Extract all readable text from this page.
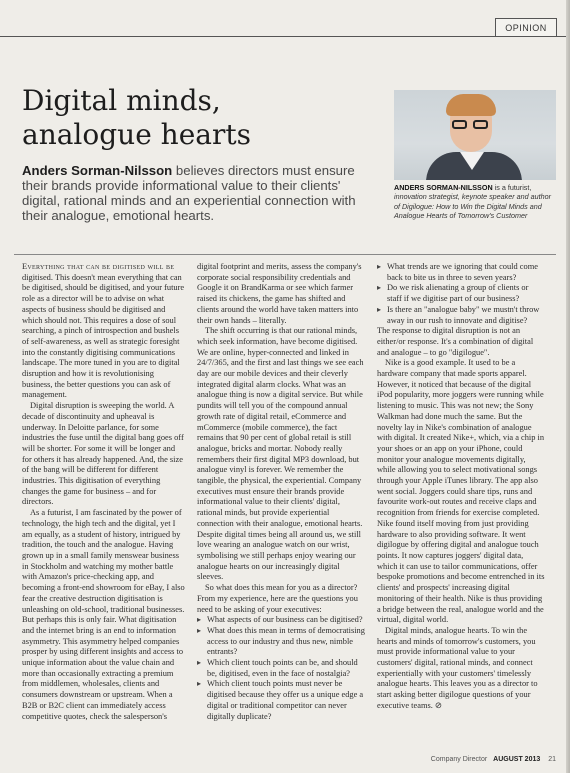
OPINION
Digital minds,
analogue hearts

Anders Sorman-Nilsson believes directors must ensure their brands provide informational value to their clients' digital, rational minds and an experiential connection with their analogue, emotional hearts.

ANDERS SORMAN-NILSSON is a futurist, innovation strategist, keynote speaker and author of Digilogue: How to Win the Digital Minds and Analogue Hearts of Tomorrow's Customer

Everything that can be digitised will be digitised. This doesn't mean everything that can be digitised, should be digitised, and your future role as a director will be to advise on what aspects of business should be digitised and which should not. This requires a dose of soul searching, a pinch of introspection and bushels of self-awareness, as well as strategic foresight into the constantly digitising communications landscape. The more tuned in you are to digital disruption and how it is revolutionising business, the better questions you can ask of management.

Digital disruption is sweeping the world. A decade of discontinuity and upheaval is underway. In Deloitte parlance, for some industries the fuse until the digital bang goes off will be shorter. For some it will be longer and for others it has already happened. And, the size of the bang will be different for different industries. This digitisation of everything changes the game for business – and for directors.

As a futurist, I am fascinated by the power of technology, the high tech and the digital, yet I am equally, as a student of history, intrigued by tradition, the touch and the analogue. Having grown up in a small family menswear business in Stockholm and watching my mother battle with Amazon's price-checking app, and becoming a front-end showroom for eBay, I also fear the creative destruction digitisation is unleashing on old-school, traditional businesses. But perhaps this is only fair. What digitisation and the internet bring is an end to information asymmetry. This asymmetry helped companies prosper by using different insights and access to unique information about the value chain and more than occasionally extracting a premium from middlemen, wholesales, clients and consumers downstream or upstream. When a B2B or B2C client can immediately access competitive quotes, check the salesperson's

digital footprint and merits, assess the company's corporate social responsibility credentials and Google it on BrandKarma or see which farmer raised its chickens, the game has shifted and clients around the world have taken matters into their own hands – literally.

The shift occurring is that our rational minds, which seek information, have become digitised. We are online, hyper-connected and linked in 24/7/365, and the first and last things we see each day are our mobile devices and their cleverly integrated digital alarm clocks. What was an analogue thing is now a digital service. But while pundits will tell you of the compound annual growth rate of digital retail, eCommerce and mCommerce (mobile commerce), the fact remains that 90 per cent of global retail is still analogue, bricks and mortar. Nobody really remembers their first digital MP3 download, but analogue vinyl is forever. We remember the tangible, the physical, the experiential. Company executives must ensure their brands provide informational value to their clients' digital, rational minds, but provide experiential connection with their analogue, emotional hearts. Despite digital times being all around us, we still love wearing an analogue watch on our wrist, symbolising we still perhaps enjoy wearing our analogue hearts on our increasingly digital sleeves.

So what does this mean for you as a director? From my experience, here are the questions you need to be asking of your executives:

▸ What aspects of our business can be digitised?
▸ What does this mean in terms of democratising access to our industry and thus new, nimble entrants?
▸ Which client touch points can be, and should be, digitised, even in the face of nostalgia?
▸ Which client touch points must never be digitised because they offer us a unique edge a digital or traditional competitor can never digitally duplicate?
▸ What trends are we ignoring that could come back to bite us in three to seven years?
▸ Do we risk alienating a group of clients or staff if we digitise part of our business?
▸ Is there an "analogue baby" we mustn't throw away in our rush to innovate and digitise?

The response to digital disruption is not an either/or response. It's a combination of digital and analogue – to go "digilogue".

Nike is a good example. It used to be a hardware company that made sports apparel. However, it noticed that because of the digital iPod popularity, more joggers were running while listening to music. This was not new; the Sony Walkman had done much the same. But the novelty lay in Nike's combination of analogue with digital. It created Nike+, which, via a chip in your shoes or an app on your iPhone, could monitor your analogue movements digitally, while allowing you to select motivational songs through your Apple iTunes library. The app also went social. Joggers could share tips, runs and favourite work-out routes and receive claps and recognition from friends for exercise completed. Nike found itself moving from just providing hardware to also providing software. It went digilogue by offering digital and analogue touch points. It now captures joggers' digital data, which it can use to tailor communications, offer bespoke promotions and become entrenched in its clients' and prospects' increasing digital monitoring of their health. Nike is thus providing a bridge between the real, analogue world and the virtual, digital world.

Digital minds, analogue hearts. To win the hearts and minds of tomorrow's customers, you must provide informational value to your customers' digital, rational minds, and connect experientially with your customers' timelessly analogue hearts. This leaves you as a director to start asking better digilogue questions of your executive teams. ⊘

Company Director AUGUST 2013 21
